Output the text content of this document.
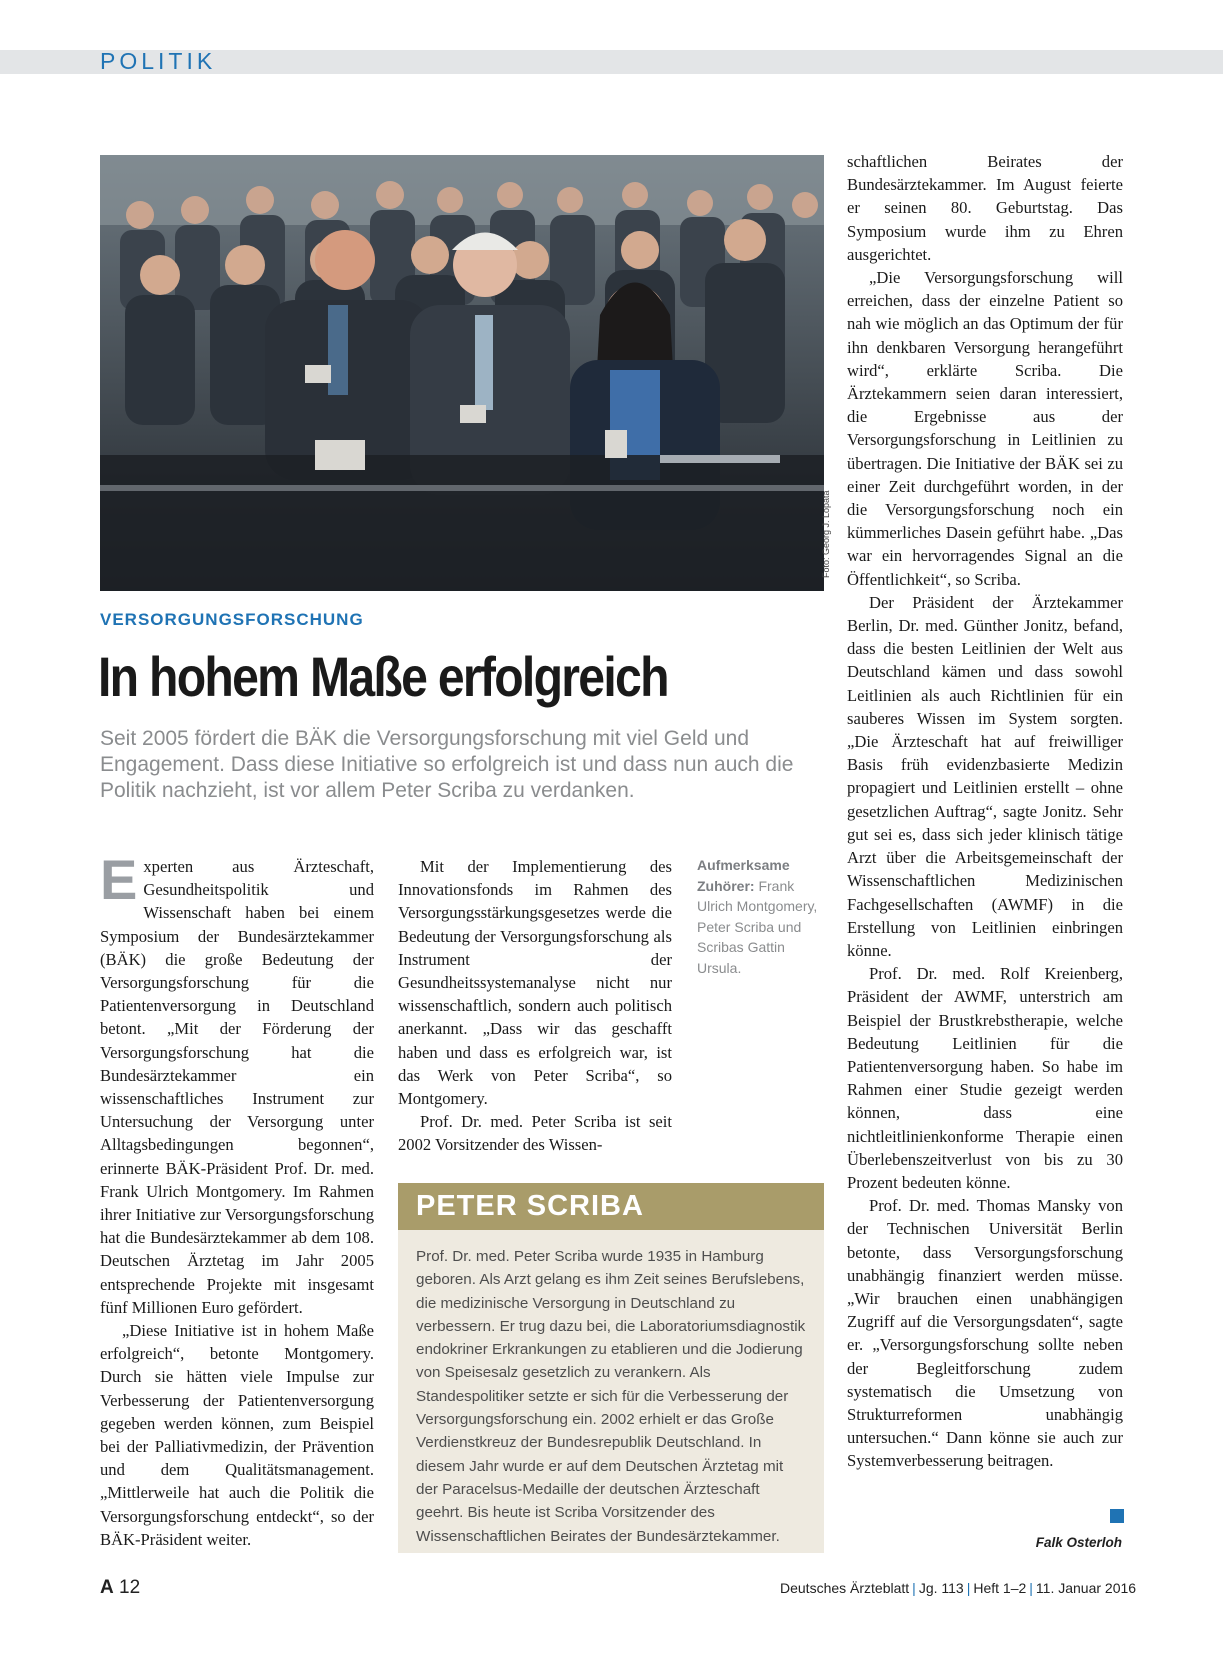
POLITIK
Foto: Georg J. Lopata
VERSORGUNGSFORSCHUNG
In hohem Maße erfolgreich

Seit 2005 fördert die BÄK die Versorgungsforschung mit viel Geld und Engagement. Dass diese Initiative so erfolgreich ist und dass nun auch die Politik nachzieht, ist vor allem Peter Scriba zu verdanken.

Experten aus Ärzteschaft, Gesundheitspolitik und Wissenschaft haben bei einem Symposium der Bundesärztekammer (BÄK) die große Bedeutung der Versorgungsforschung für die Patientenversorgung in Deutschland betont. „Mit der Förderung der Versorgungsforschung hat die Bundesärztekammer ein wissenschaftliches Instrument zur Untersuchung der Versorgung unter Alltagsbedingungen begonnen“, erinnerte BÄK-Präsident Prof. Dr. med. Frank Ulrich Montgomery. Im Rahmen ihrer Initiative zur Versorgungsforschung hat die Bundesärztekammer ab dem 108. Deutschen Ärztetag im Jahr 2005 entsprechende Projekte mit insgesamt fünf Millionen Euro gefördert.

„Diese Initiative ist in hohem Maße erfolgreich“, betonte Montgomery. Durch sie hätten viele Impulse zur Verbesserung der Patientenversorgung gegeben werden können, zum Beispiel bei der Palliativmedizin, der Prävention und dem Qualitätsmanagement. „Mittlerweile hat auch die Politik die Versorgungsforschung entdeckt“, so der BÄK-Präsident weiter.

Mit der Implementierung des Innovationsfonds im Rahmen des Versorgungsstärkungsgesetzes werde die Bedeutung der Versorgungsforschung als Instrument der Gesundheitssystemanalyse nicht nur wissenschaftlich, sondern auch politisch anerkannt. „Dass wir das geschafft haben und dass es erfolgreich war, ist das Werk von Peter Scriba“, so Montgomery.

Prof. Dr. med. Peter Scriba ist seit 2002 Vorsitzender des Wissen-

Aufmerksame Zuhörer: Frank Ulrich Montgomery, Peter Scriba und Scribas Gattin Ursula.
PETER SCRIBA

Prof. Dr. med. Peter Scriba wurde 1935 in Hamburg geboren. Als Arzt gelang es ihm Zeit seines Berufslebens, die medizinische Versorgung in Deutschland zu verbessern. Er trug dazu bei, die Laboratoriumsdiagnostik endokriner Erkrankungen zu etablieren und die Jodierung von Speisesalz gesetzlich zu verankern. Als Standespolitiker setzte er sich für die Verbesserung der Versorgungsforschung ein. 2002 erhielt er das Große Verdienstkreuz der Bundesrepublik Deutschland. In diesem Jahr wurde er auf dem Deutschen Ärztetag mit der Paracelsus-Medaille der deutschen Ärzteschaft geehrt. Bis heute ist Scriba Vorsitzender des Wissenschaftlichen Beirates der Bundesärztekammer.

schaftlichen Beirates der Bundesärztekammer. Im August feierte er seinen 80. Geburtstag. Das Symposium wurde ihm zu Ehren ausgerichtet.

„Die Versorgungsforschung will erreichen, dass der einzelne Patient so nah wie möglich an das Optimum der für ihn denkbaren Versorgung herangeführt wird“, erklärte Scriba. Die Ärztekammern seien daran interessiert, die Ergebnisse aus der Versorgungsforschung in Leitlinien zu übertragen. Die Initiative der BÄK sei zu einer Zeit durchgeführt worden, in der die Versorgungsforschung noch ein kümmerliches Dasein geführt habe. „Das war ein hervorragendes Signal an die Öffentlichkeit“, so Scriba.

Der Präsident der Ärztekammer Berlin, Dr. med. Günther Jonitz, befand, dass die besten Leitlinien der Welt aus Deutschland kämen und dass sowohl Leitlinien als auch Richtlinien für ein sauberes Wissen im System sorgten. „Die Ärzteschaft hat auf freiwilliger Basis früh evidenzbasierte Medizin propagiert und Leitlinien erstellt – ohne gesetzlichen Auftrag“, sagte Jonitz. Sehr gut sei es, dass sich jeder klinisch tätige Arzt über die Arbeitsgemeinschaft der Wissenschaftlichen Medizinischen Fachgesellschaften (AWMF) in die Erstellung von Leitlinien einbringen könne.

Prof. Dr. med. Rolf Kreienberg, Präsident der AWMF, unterstrich am Beispiel der Brustkrebstherapie, welche Bedeutung Leitlinien für die Patientenversorgung haben. So habe im Rahmen einer Studie gezeigt werden können, dass eine nichtleitlinienkonforme Therapie einen Überlebenszeitverlust von bis zu 30 Prozent bedeuten könne.

Prof. Dr. med. Thomas Mansky von der Technischen Universität Berlin betonte, dass Versorgungsforschung unabhängig finanziert werden müsse. „Wir brauchen einen unabhängigen Zugriff auf die Versorgungsdaten“, sagte er. „Versorgungsforschung sollte neben der Begleitforschung zudem systematisch die Umsetzung von Strukturreformen unabhängig untersuchen.“ Dann könne sie auch zur Systemverbesserung beitragen.

Falk Osterloh
A 12	Deutsches Ärzteblatt | Jg. 113 | Heft 1–2 | 11. Januar 2016
